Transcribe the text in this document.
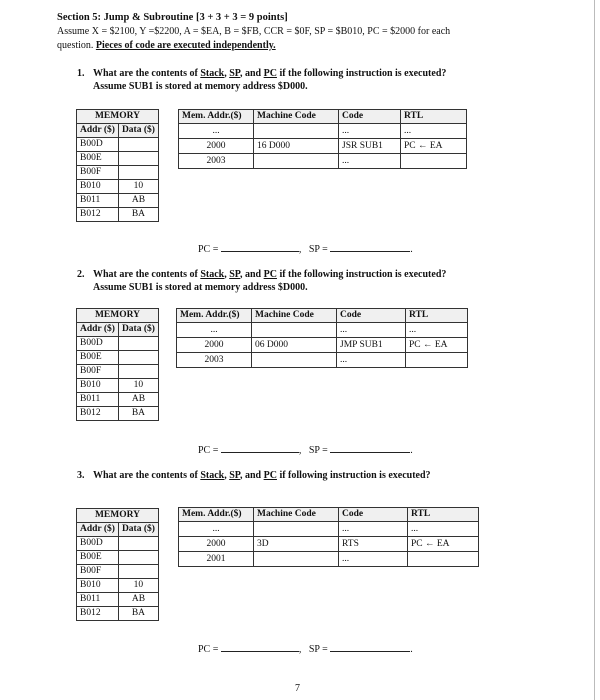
Section 5: Jump & Subroutine [3 + 3 + 3 = 9 points]
Assume X = $2100, Y =$2200, A = $EA, B = $FB, CCR = $0F, SP = $B010, PC = $2000 for each
question. Pieces of code are executed independently.
1. What are the contents of Stack, SP, and PC if the following instruction is executed?
Assume SUB1 is stored at memory address $D000.
MEMORY	
Addr ($)	Data ($)
B00D	
B00E	
B00F	
B010	10
B011	AB
B012	BA
Mem. Addr.($)	Machine Code	Code	RTL
...		...	...
2000	16 D000	JSR SUB1	PC ← EA
2003		...	
PC =	, SP =	.
2. What are the contents of Stack, SP, and PC if the following instruction is executed?
Assume SUB1 is stored at memory address $D000.
MEMORY	
Addr ($)	Data ($)
B00D	
B00E	
B00F	
B010	10
B011	AB
B012	BA
Mem. Addr.($)	Machine Code	Code	RTL
...		...	...
2000	06 D000	JMP SUB1	PC ← EA
2003		...	
PC =	, SP =	.
3. What are the contents of Stack, SP, and PC if following instruction is executed?
MEMORY	
Addr ($)	Data ($)
B00D	
B00E	
B00F	
B010	10
B011	AB
B012	BA
Mem. Addr.($)	Machine Code	Code	RTL
...		...	...
2000	3D	RTS	PC ← EA
2001		...	
PC =	, SP =	.
7
